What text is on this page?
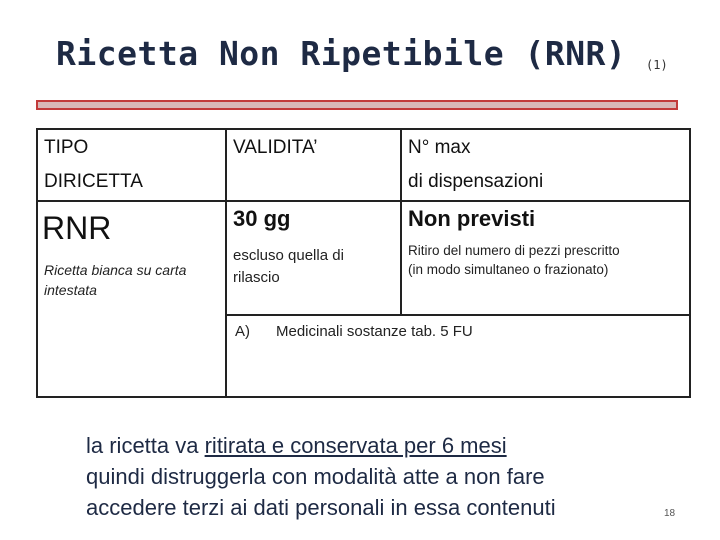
Ricetta Non Ripetibile (RNR) (1)
TIPO
DIRICETTA
VALIDITA’	N° max
di dispensazioni
RNR
Ricetta bianca su carta
intestata
30 gg
escluso quella di
rilascio
Non previsti
Ritiro del numero di pezzi prescritto
(in modo simultaneo o frazionato)
A) Medicinali sostanze tab. 5 FU
la ricetta va ritirata e conservata per 6 mesi
quindi distruggerla con modalità atte a non fare
accedere terzi ai dati personali in essa contenuti	18
